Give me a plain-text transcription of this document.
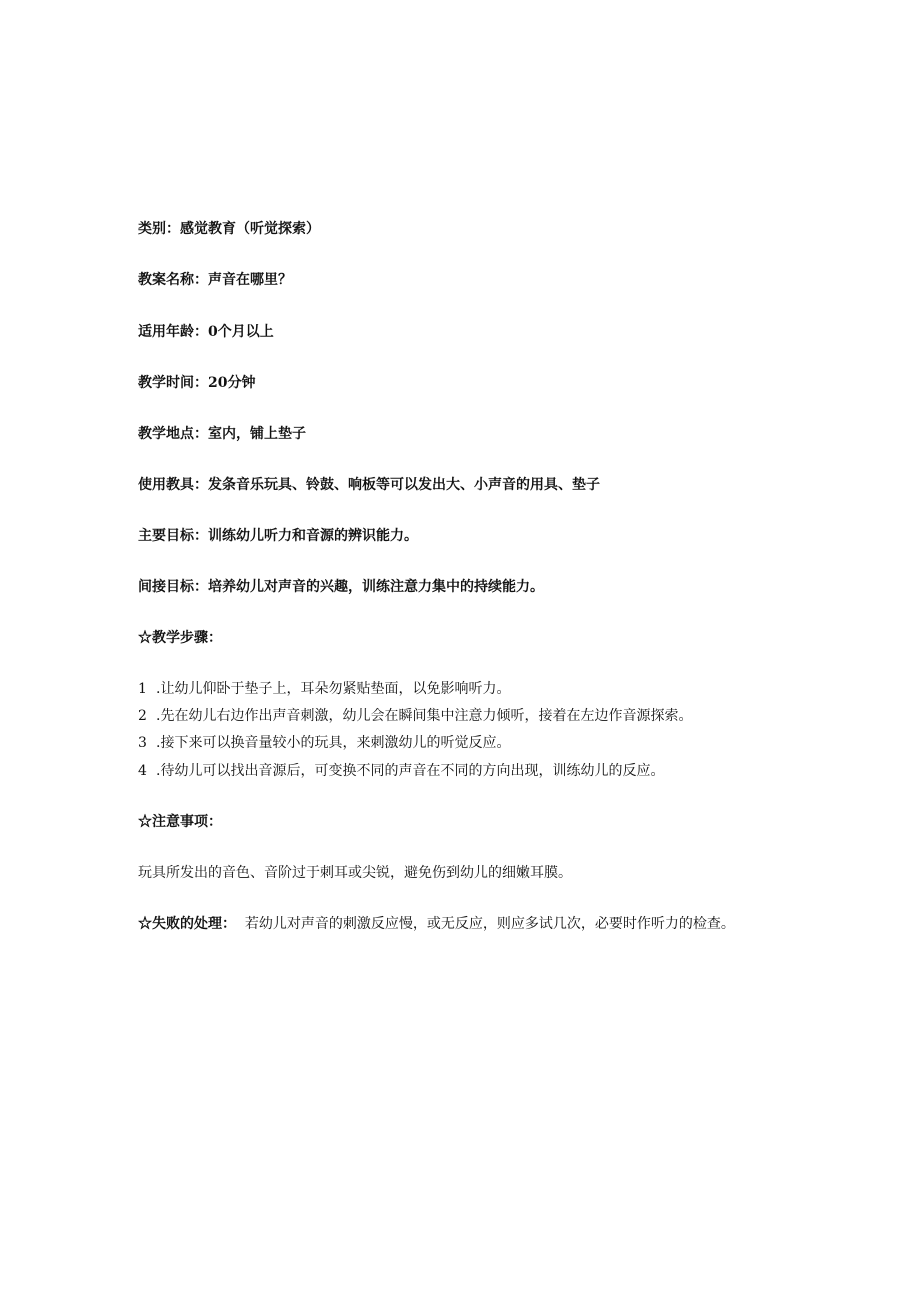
类别：感觉教育（听觉探索）
教案名称：声音在哪里？
适用年龄：0个月以上
教学时间：20分钟
教学地点：室内，铺上垫子
使用教具：发条音乐玩具、铃鼓、响板等可以发出大、小声音的用具、垫子
主要目标：训练幼儿听力和音源的辨识能力。
间接目标：培养幼儿对声音的兴趣，训练注意力集中的持续能力。
☆教学步骤：
1 .让幼儿仰卧于垫子上，耳朵勿紧贴垫面，以免影响听力。
2 .先在幼儿右边作出声音刺激，幼儿会在瞬间集中注意力倾听，接着在左边作音源探索。
3 .接下来可以换音量较小的玩具，来刺激幼儿的听觉反应。
4 .待幼儿可以找出音源后，可变换不同的声音在不同的方向出现，训练幼儿的反应。
☆注意事项：
玩具所发出的音色、音阶过于刺耳或尖锐，避免伤到幼儿的细嫩耳膜。
☆失败的处理： 若幼儿对声音的刺激反应慢，或无反应，则应多试几次，必要时作听力的检查。
